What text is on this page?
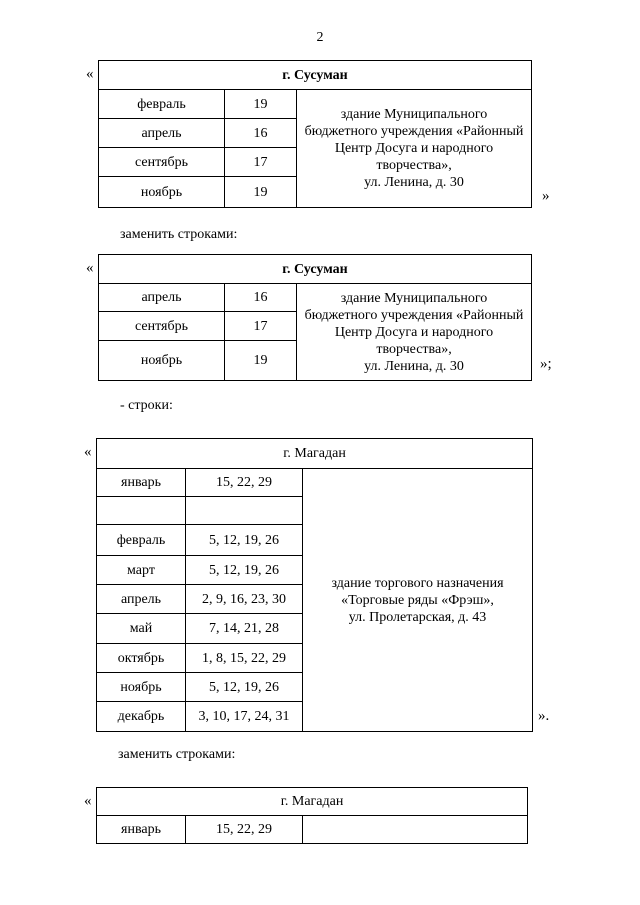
2
«	г. Сусуман		
февраль	19	здание Муниципального
бюджетного учреждения «Районный
Центр Досуга и народного
творчества»,
ул. Ленина, д. 30
апрель	16	
сентябрь	17	
ноябрь	19		»
заменить строками:
«	г. Сусуман		
апрель	16	здание Муниципального
бюджетного учреждения «Районный
Центр Досуга и народного
творчества»,
ул. Ленина, д. 30
сентябрь	17	
ноябрь	19		»;
- строки:
«	г. Магадан		
январь	15, 22, 29	здание торгового назначения
«Торговые ряды «Фрэш»,
ул. Пролетарская, д. 43

февраль	5, 12, 19, 26	
март	5, 12, 19, 26	
апрель	2, 9, 16, 23, 30	
май	7, 14, 21, 28	
октябрь	1, 8, 15, 22, 29	
ноябрь	5, 12, 19, 26	
декабрь	3, 10, 17, 24, 31		».
заменить строками:
«	г. Магадан
январь	15, 22, 29	
